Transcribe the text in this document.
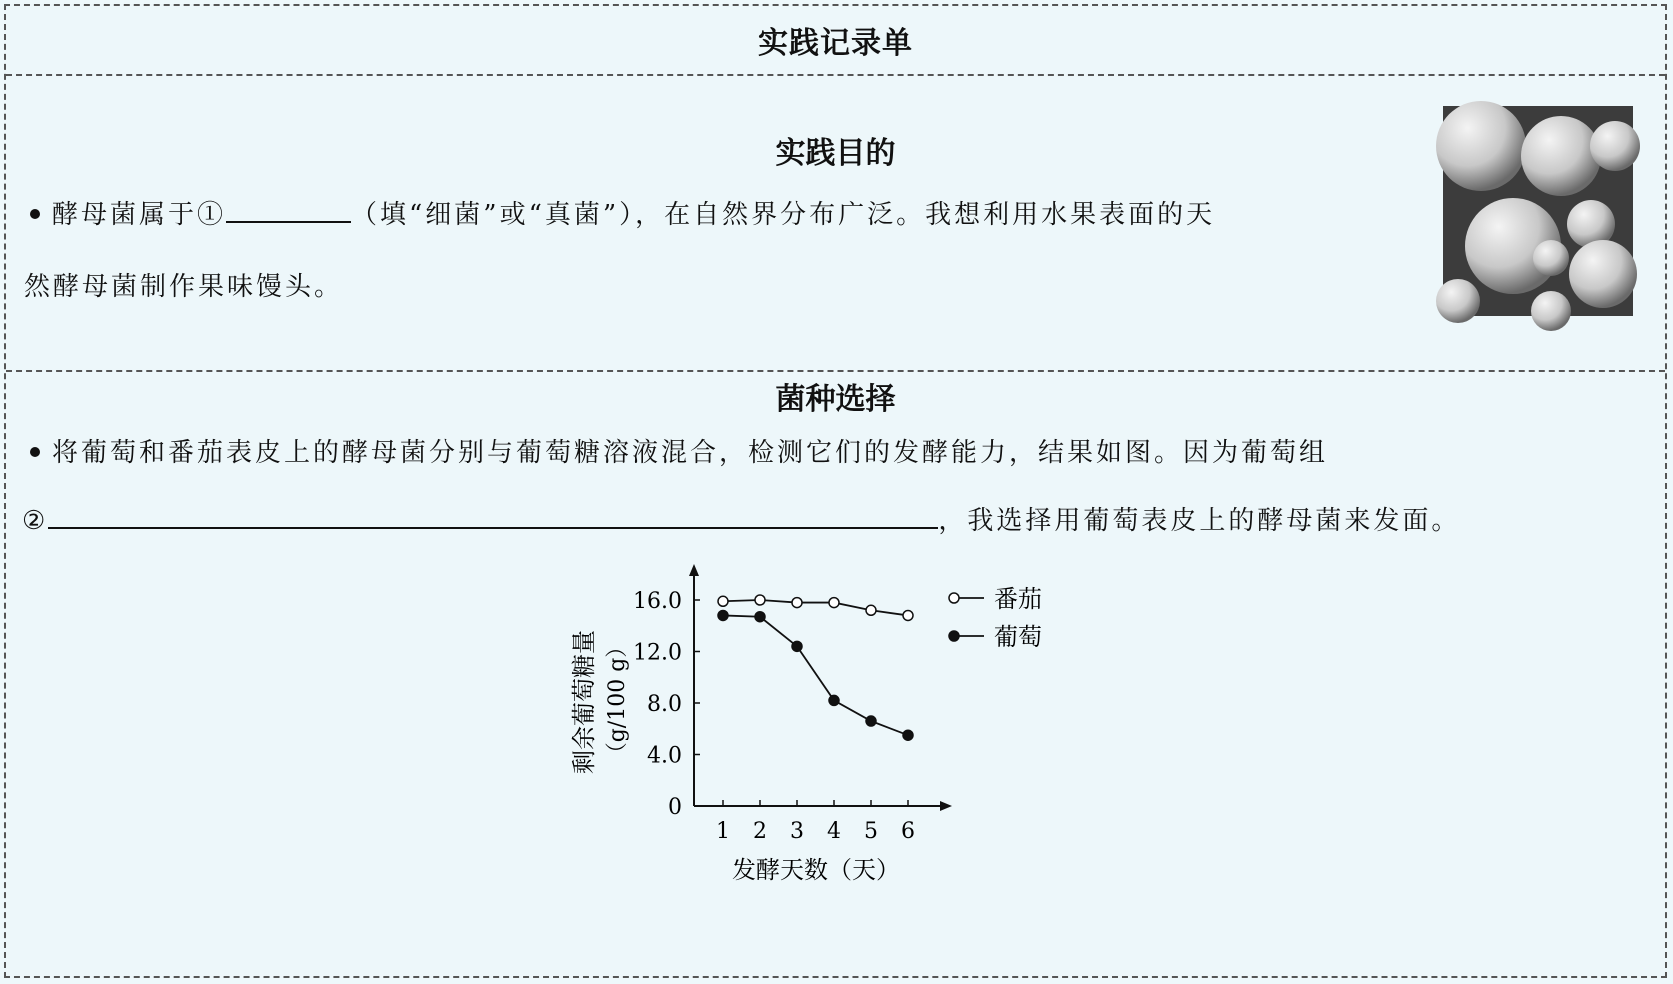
实践记录单
实践目的
酵母菌属于①	（填“细菌”或“真菌”），在自然界分布广泛。我想利用水果表面的天
然酵母菌制作果味馒头。
菌种选择
将葡萄和番茄表皮上的酵母菌分别与葡萄糖溶液混合，检测它们的发酵能力，结果如图。因为葡萄组
②	，我选择用葡萄表皮上的酵母菌来发面。
0
4.0
8.0
12.0
16.0
1 2 3 4 5 6
番茄
葡萄
发酵天数（天）
剩余葡萄糖量 （g/100 g）
